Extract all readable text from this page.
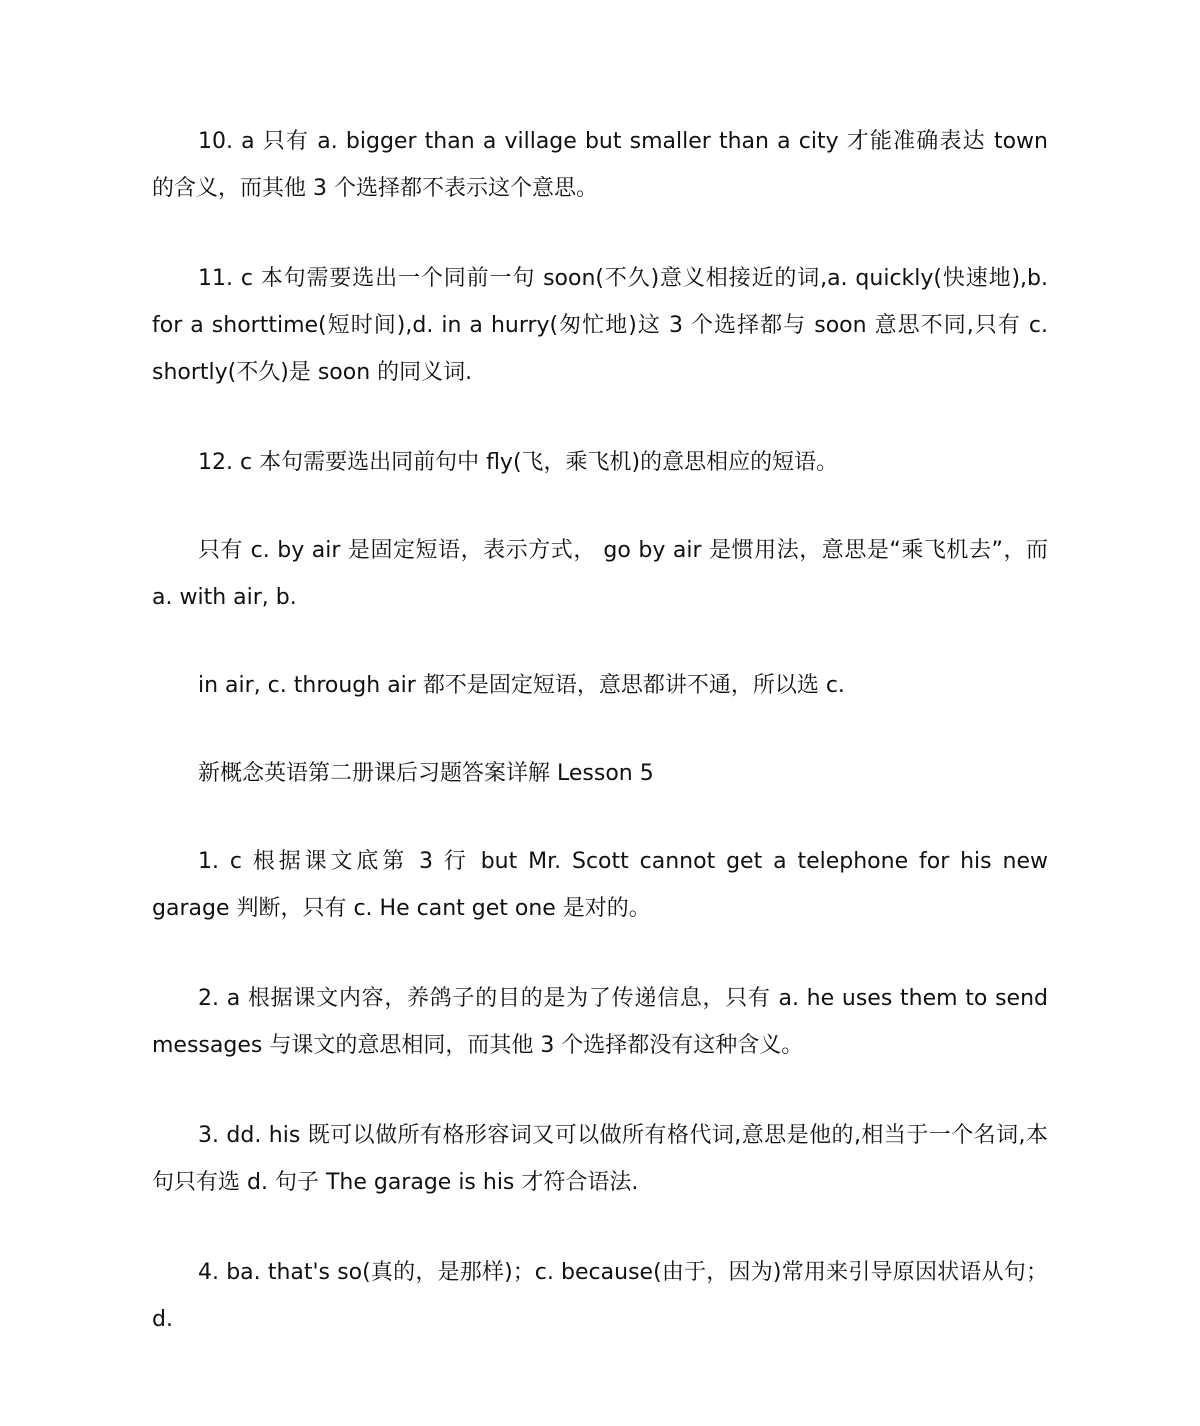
10. a 只有 a. bigger than a village but smaller than a city 才能准确表达 town 的含义，而其他 3 个选择都不表示这个意思。

11. c 本句需要选出一个同前一句 soon(不久)意义相接近的词,a. quickly(快速地),b. for a shorttime(短时间),d. in a hurry(匆忙地)这 3 个选择都与 soon 意思不同,只有 c. shortly(不久)是 soon 的同义词.

12. c 本句需要选出同前句中 fly(飞，乘飞机)的意思相应的短语。

只有 c. by air 是固定短语，表示方式， go by air 是惯用法，意思是“乘飞机去”，而 a. with air, b.

in air, c. through air 都不是固定短语，意思都讲不通，所以选 c.

新概念英语第二册课后习题答案详解 Lesson 5

1. c 根据课文底第 3 行 but Mr. Scott cannot get a telephone for his new garage 判断，只有 c. He cant get one 是对的。

2. a 根据课文内容，养鸽子的目的是为了传递信息，只有 a. he uses them to send messages 与课文的意思相同，而其他 3 个选择都没有这种含义。

3. dd. his 既可以做所有格形容词又可以做所有格代词,意思是他的,相当于一个名词,本句只有选 d. 句子 The garage is his 才符合语法.

4. ba. that's so(真的，是那样)；c. because(由于，因为)常用来引导原因状语从句； d.
